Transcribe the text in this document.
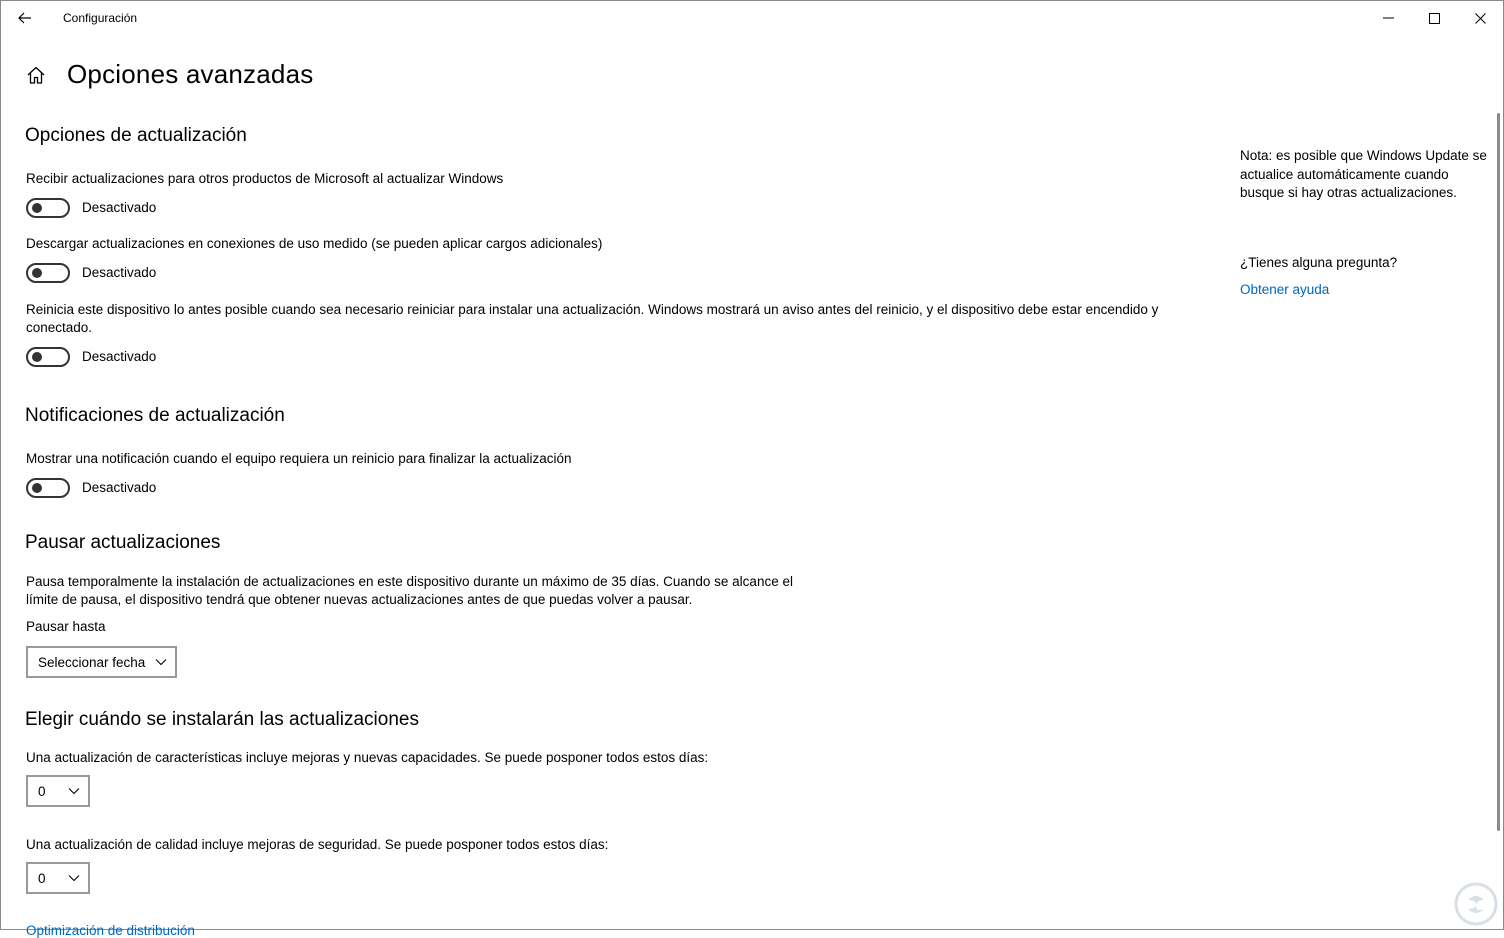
Configuración
Opciones avanzadas
Opciones de actualización
Recibir actualizaciones para otros productos de Microsoft al actualizar Windows
Desactivado
Descargar actualizaciones en conexiones de uso medido (se pueden aplicar cargos adicionales)
Desactivado
Reinicia este dispositivo lo antes posible cuando sea necesario reiniciar para instalar una actualización. Windows mostrará un aviso antes del reinicio, y el dispositivo debe estar encendido y conectado.
Desactivado
Notificaciones de actualización
Mostrar una notificación cuando el equipo requiera un reinicio para finalizar la actualización
Desactivado
Pausar actualizaciones
Pausa temporalmente la instalación de actualizaciones en este dispositivo durante un máximo de 35 días. Cuando se alcance el límite de pausa, el dispositivo tendrá que obtener nuevas actualizaciones antes de que puedas volver a pausar.
Pausar hasta
Seleccionar fecha
Elegir cuándo se instalarán las actualizaciones
Una actualización de características incluye mejoras y nuevas capacidades. Se puede posponer todos estos días:
0
Una actualización de calidad incluye mejoras de seguridad. Se puede posponer todos estos días:
0
Optimización de distribución
Nota: es posible que Windows Update se actualice automáticamente cuando busque si hay otras actualizaciones.
¿Tienes alguna pregunta?
Obtener ayuda
